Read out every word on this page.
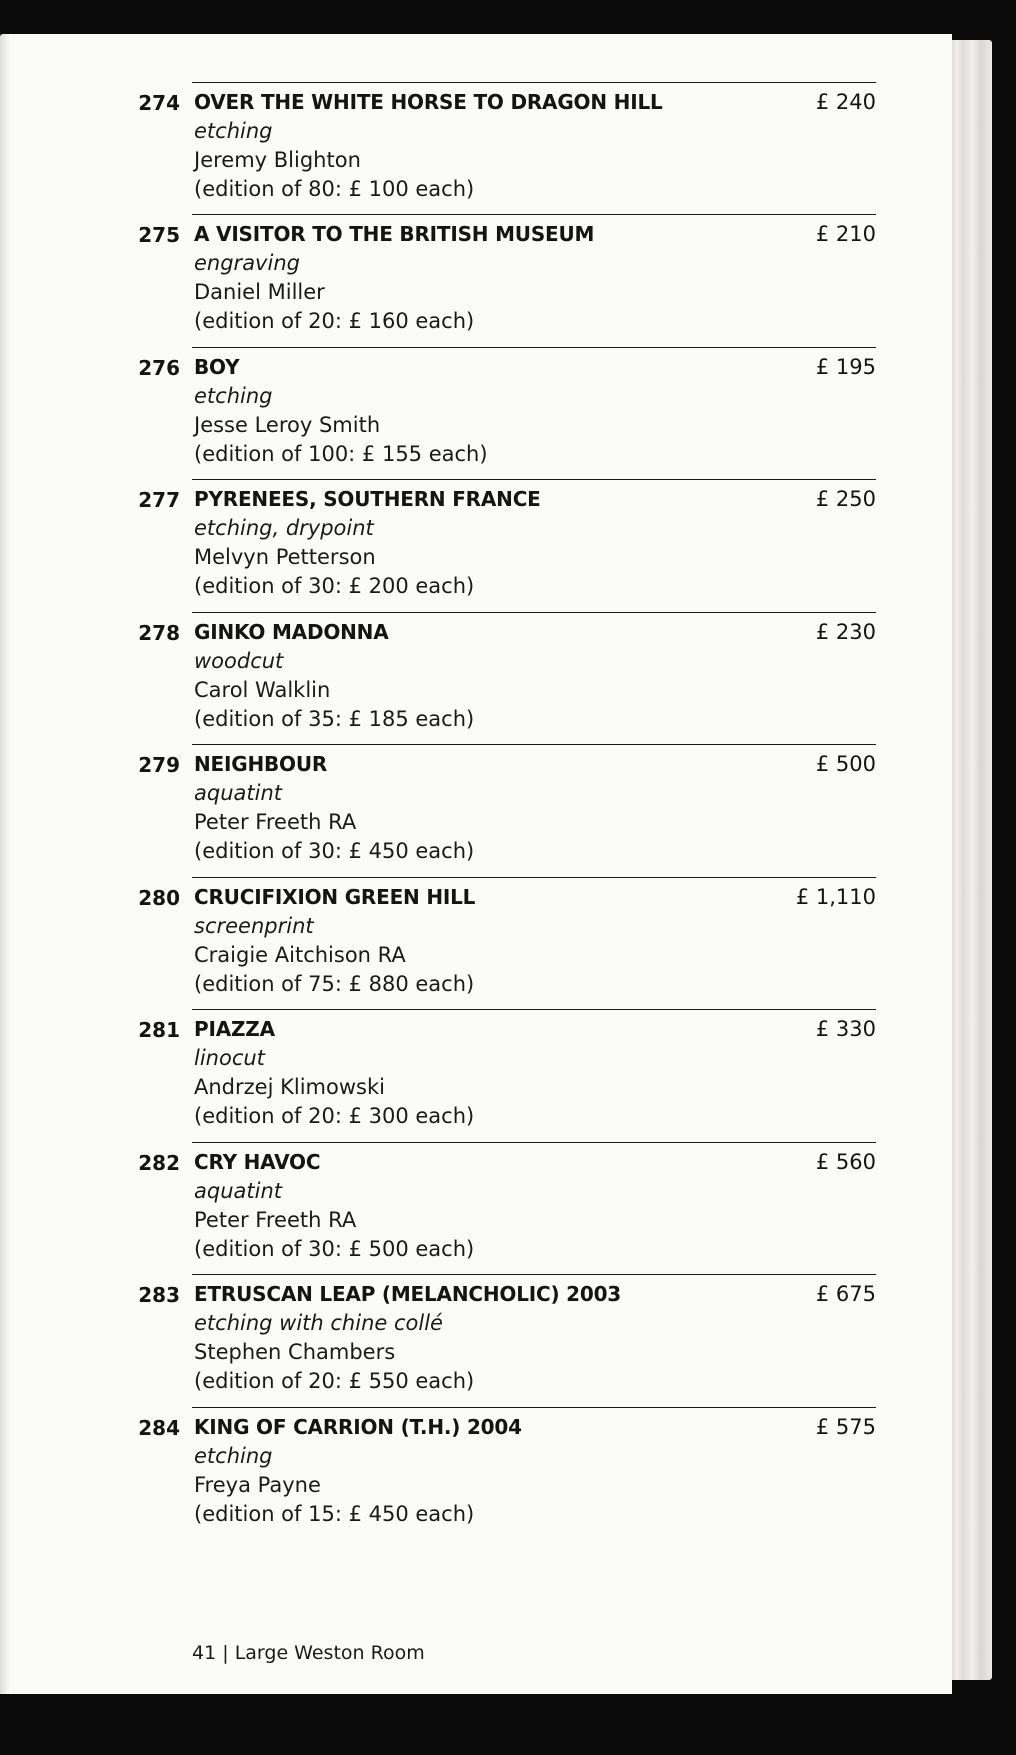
274 OVER THE WHITE HORSE TO DRAGON HILL	£ 240
etching
Jeremy Blighton
(edition of 80: £ 100 each)
275 A VISITOR TO THE BRITISH MUSEUM	£ 210
engraving
Daniel Miller
(edition of 20: £ 160 each)
276 BOY	£ 195
etching
Jesse Leroy Smith
(edition of 100: £ 155 each)
277 PYRENEES, SOUTHERN FRANCE	£ 250
etching, drypoint
Melvyn Petterson
(edition of 30: £ 200 each)
278 GINKO MADONNA	£ 230
woodcut
Carol Walklin
(edition of 35: £ 185 each)
279 NEIGHBOUR	£ 500
aquatint
Peter Freeth RA
(edition of 30: £ 450 each)
280 CRUCIFIXION GREEN HILL	£ 1,110
screenprint
Craigie Aitchison RA
(edition of 75: £ 880 each)
281 PIAZZA	£ 330
linocut
Andrzej Klimowski
(edition of 20: £ 300 each)
282 CRY HAVOC	£ 560
aquatint
Peter Freeth RA
(edition of 30: £ 500 each)
283 ETRUSCAN LEAP (MELANCHOLIC) 2003	£ 675
etching with chine collé
Stephen Chambers
(edition of 20: £ 550 each)
284 KING OF CARRION (T.H.) 2004	£ 575
etching
Freya Payne
(edition of 15: £ 450 each)
41 | Large Weston Room
